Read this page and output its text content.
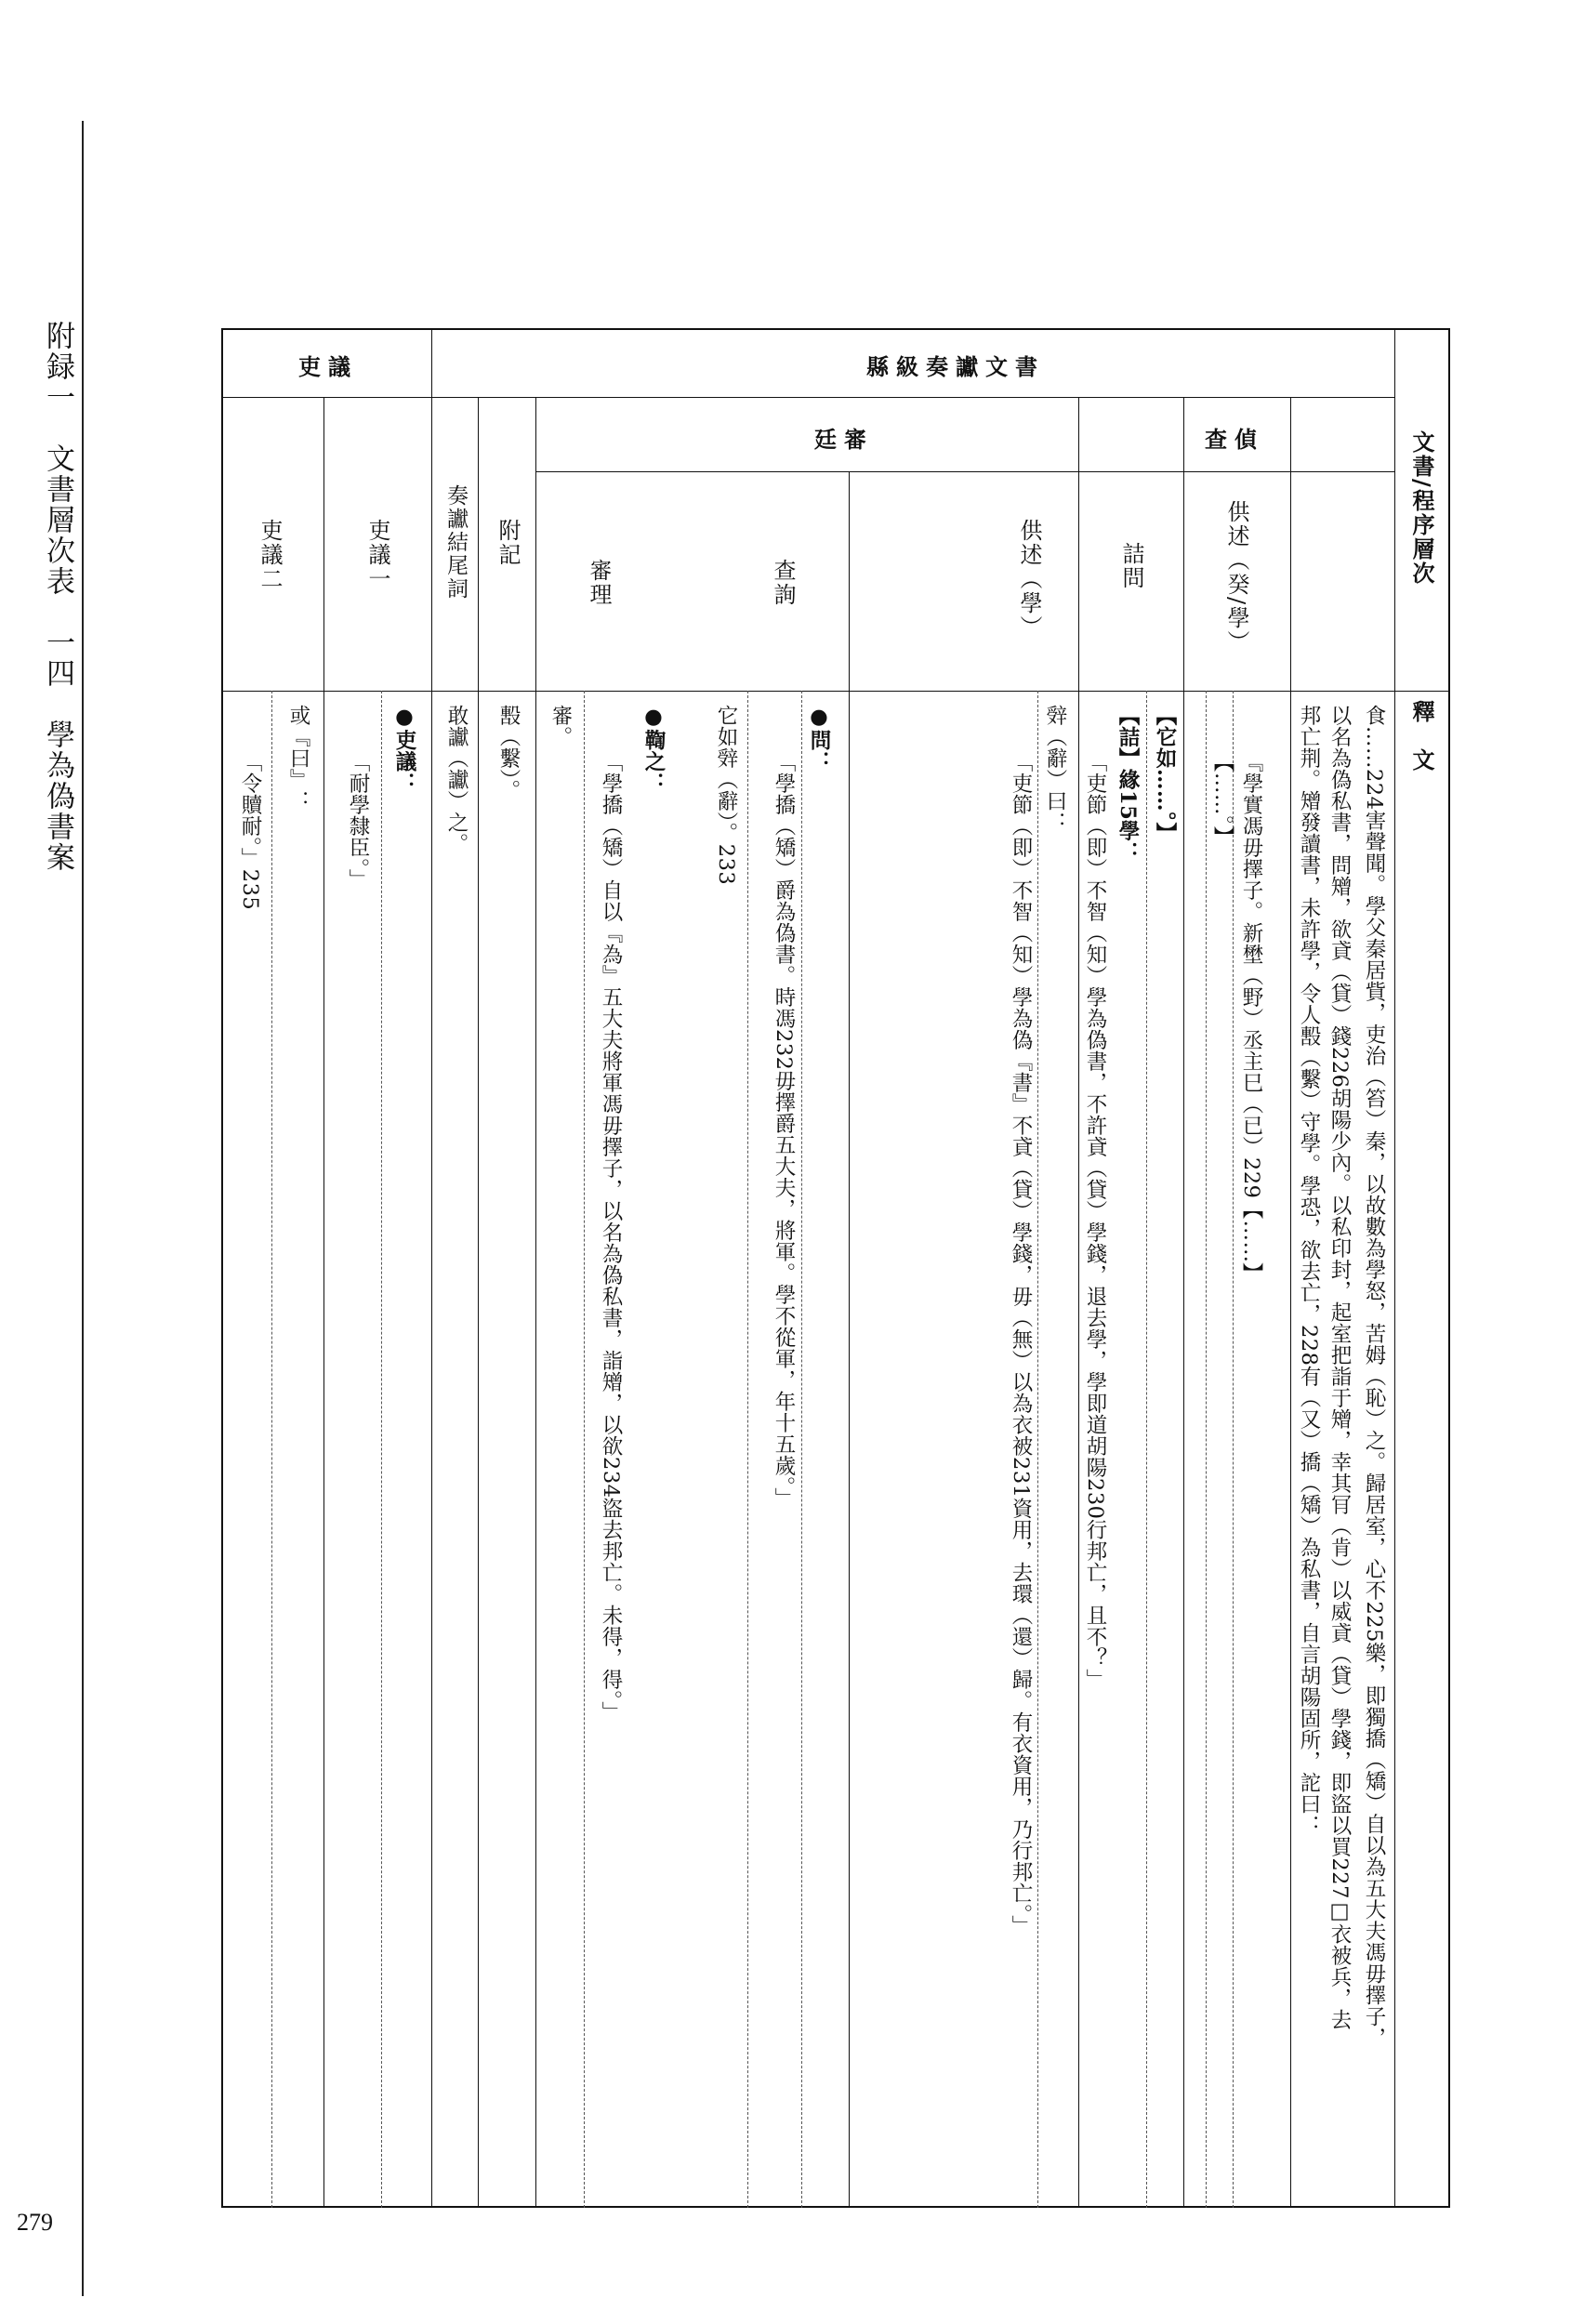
附録一　文書層次表　一四　學為偽書案
279
文書/程序層次
釋　文
縣級奏讞文書
吏議
查偵
廷審
供述（癸/學）
詰問
供述（學）
查詢
審理
附記
奏讞結尾詞
吏議一
吏議二
食……224害聲聞。學父秦居貲，吏治（笞）秦，以故數為學怒，苦姆（恥）之。歸居室，心不225樂，即獨撟（矯）自以為五大夫馮毋擇子，
以名為偽私書，問矰，欲貣（貸）錢226胡陽少內。以私印封，起室把詣于矰，幸其肎（肯）以威貣（貸）學錢，即盜以買227□衣被兵，去
邦亡荆。矰發讀書，未許學，令人毄（繫）守學。學恐，欲去亡，228有（又）撟（矯）為私書，自言胡陽固所，詑曰：
『學實馮毋擇子。新壄（野）丞主巳（已）229【……】
【……。】
【它如……。】
【詰】緣15學：
「吏節（即）不智（知）學為偽書，不許貣（貸）學錢，退去學，學即道胡陽230行邦亡，且不？」
辤（辭）曰：
「吏節（即）不智（知）學為偽『書』不貣（貸）學錢，毋（無）以為衣被231資用，去環（還）歸。有衣資用，乃行邦亡。」
●問：
「學撟（矯）爵為偽書。時馮232毋擇爵五大夫，將軍。學不從軍，年十五歲。」
它如辤（辭）。233
●鞫之：
「學撟（矯）自以『為』五大夫將軍馮毋擇子，以名為偽私書，詣矰，以欲234盜去邦亡。未得，得。」
審。
毄（繫）。
敢讞（讞）之。
●吏議：
「耐學隸臣。」
或『曰』：
「令贖耐。」235
